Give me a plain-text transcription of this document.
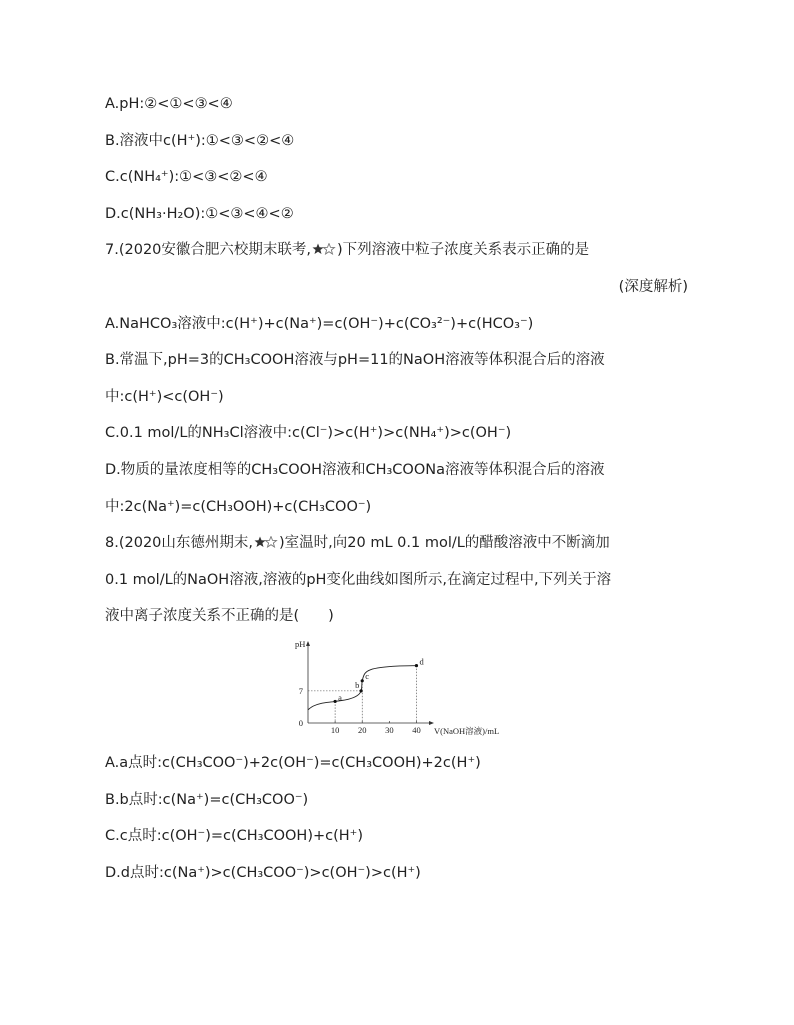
A.pH:②<①<③<④
B.溶液中c(H⁺):①<③<②<④
C.c(NH₄⁺):①<③<②<④
D.c(NH₃·H₂O):①<③<④<②
7.(2020安徽合肥六校期末联考, )下列溶液中粒子浓度关系表示正确的是
(深度解析)
A.NaHCO₃溶液中:c(H⁺)+c(Na⁺)=c(OH⁻)+c(CO₃²⁻)+c(HCO₃⁻)
B.常温下,pH=3的CH₃COOH溶液与pH=11的NaOH溶液等体积混合后的溶液
中:c(H⁺)<c(OH⁻)
C.0.1 mol/L的NH₃Cl溶液中:c(Cl⁻)>c(H⁺)>c(NH₄⁺)>c(OH⁻)
D.物质的量浓度相等的CH₃COOH溶液和CH₃COONa溶液等体积混合后的溶液
中:2c(Na⁺)=c(CH₃OOH)+c(CH₃COO⁻)
8.(2020山东德州期末, )室温时,向20 mL 0.1 mol/L的醋酸溶液中不断滴加
0.1 mol/L的NaOH溶液,溶液的pH变化曲线如图所示,在滴定过程中,下列关于溶
液中离子浓度关系不正确的是(　　)
pH
V(NaOH溶液)/mL
10 20 30 40
0
7
a
b
c
d
A.a点时:c(CH₃COO⁻)+2c(OH⁻)=c(CH₃COOH)+2c(H⁺)
B.b点时:c(Na⁺)=c(CH₃COO⁻)
C.c点时:c(OH⁻)=c(CH₃COOH)+c(H⁺)
D.d点时:c(Na⁺)>c(CH₃COO⁻)>c(OH⁻)>c(H⁺)
